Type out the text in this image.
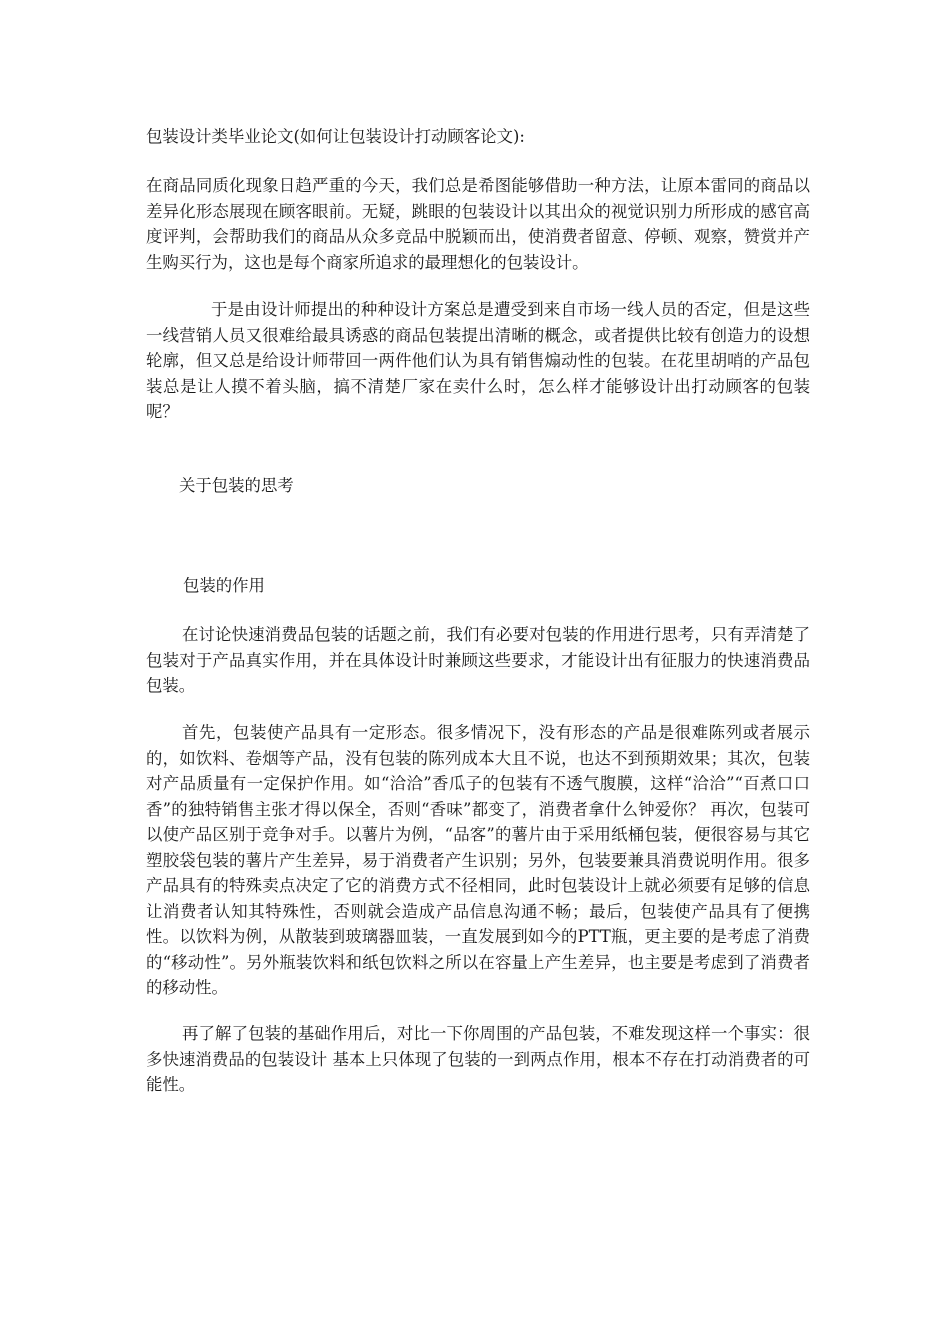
包装设计类毕业论文(如何让包装设计打动顾客论文):

在商品同质化现象日趋严重的今天，我们总是希图能够借助一种方法，让原本雷同的商品以差异化形态展现在顾客眼前。无疑，跳眼的包装设计以其出众的视觉识别力所形成的感官高度评判，会帮助我们的商品从众多竞品中脱颖而出，使消费者留意、停顿、观察，赞赏并产生购买行为，这也是每个商家所追求的最理想化的包装设计。

于是由设计师提出的种种设计方案总是遭受到来自市场一线人员的否定，但是这些一线营销人员又很难给最具诱惑的商品包装提出清晰的概念，或者提供比较有创造力的设想轮廓，但又总是给设计师带回一两件他们认为具有销售煽动性的包装。在花里胡哨的产品包装总是让人摸不着头脑，搞不清楚厂家在卖什么时，怎么样才能够设计出打动顾客的包装呢？

关于包装的思考

包装的作用

在讨论快速消费品包装的话题之前，我们有必要对包装的作用进行思考，只有弄清楚了包装对于产品真实作用，并在具体设计时兼顾这些要求，才能设计出有征服力的快速消费品包装。

首先，包装使产品具有一定形态。很多情况下，没有形态的产品是很难陈列或者展示的，如饮料、卷烟等产品，没有包装的陈列成本大且不说，也达不到预期效果；其次，包装对产品质量有一定保护作用。如“洽洽”香瓜子的包装有不透气腹膜，这样“洽洽”“百煮口口香”的独特销售主张才得以保全，否则“香味”都变了，消费者拿什么钟爱你？ 再次，包装可以使产品区别于竞争对手。以薯片为例，“品客”的薯片由于采用纸桶包装，便很容易与其它塑胶袋包装的薯片产生差异，易于消费者产生识别；另外，包装要兼具消费说明作用。很多产品具有的特殊卖点决定了它的消费方式不径相同，此时包装设计上就必须要有足够的信息让消费者认知其特殊性，否则就会造成产品信息沟通不畅；最后，包装使产品具有了便携性。以饮料为例，从散装到玻璃器皿装，一直发展到如今的PTT瓶，更主要的是考虑了消费的“移动性”。另外瓶装饮料和纸包饮料之所以在容量上产生差异，也主要是考虑到了消费者的移动性。

再了解了包装的基础作用后，对比一下你周围的产品包装，不难发现这样一个事实：很多快速消费品的包装设计 基本上只体现了包装的一到两点作用，根本不存在打动消费者的可能性。
